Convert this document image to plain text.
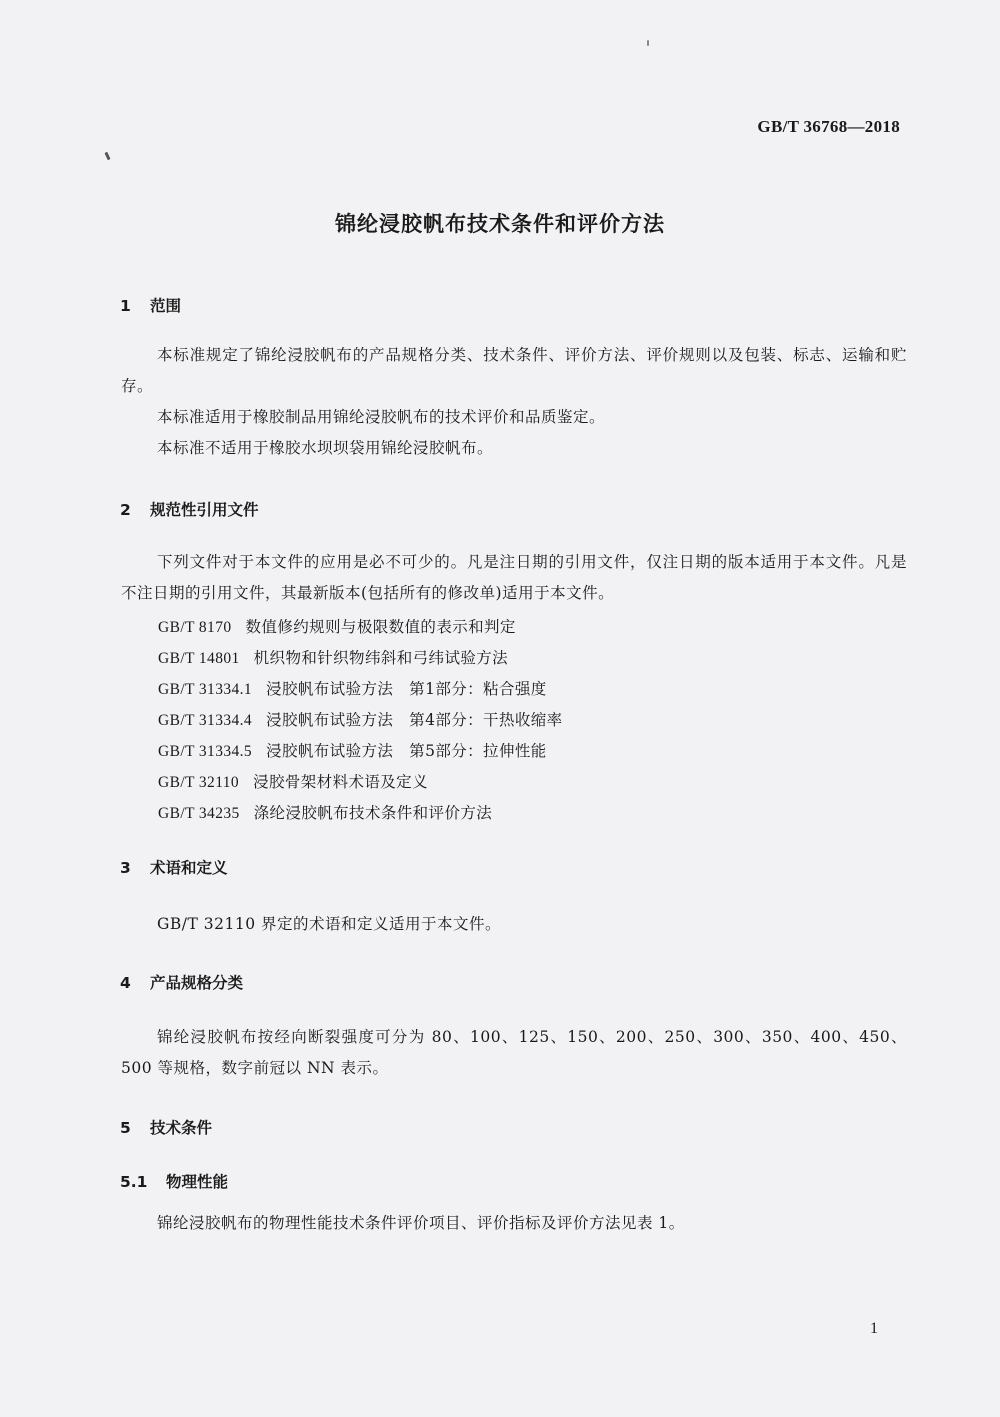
GB/T 36768—2018
锦纶浸胶帆布技术条件和评价方法
1 范围
本标准规定了锦纶浸胶帆布的产品规格分类、技术条件、评价方法、评价规则以及包装、标志、运输和贮存。
本标准适用于橡胶制品用锦纶浸胶帆布的技术评价和品质鉴定。
本标准不适用于橡胶水坝坝袋用锦纶浸胶帆布。
2 规范性引用文件
下列文件对于本文件的应用是必不可少的。凡是注日期的引用文件，仅注日期的版本适用于本文件。凡是不注日期的引用文件，其最新版本(包括所有的修改单)适用于本文件。
GB/T 8170 数值修约规则与极限数值的表示和判定
GB/T 14801 机织物和针织物纬斜和弓纬试验方法
GB/T 31334.1 浸胶帆布试验方法　第1部分：粘合强度
GB/T 31334.4 浸胶帆布试验方法　第4部分：干热收缩率
GB/T 31334.5 浸胶帆布试验方法　第5部分：拉伸性能
GB/T 32110 浸胶骨架材料术语及定义
GB/T 34235 涤纶浸胶帆布技术条件和评价方法
3 术语和定义
GB/T 32110 界定的术语和定义适用于本文件。
4 产品规格分类
锦纶浸胶帆布按经向断裂强度可分为 80、100、125、150、200、250、300、350、400、450、500 等规格，数字前冠以 NN 表示。
5 技术条件
5.1 物理性能
锦纶浸胶帆布的物理性能技术条件评价项目、评价指标及评价方法见表 1。
1
